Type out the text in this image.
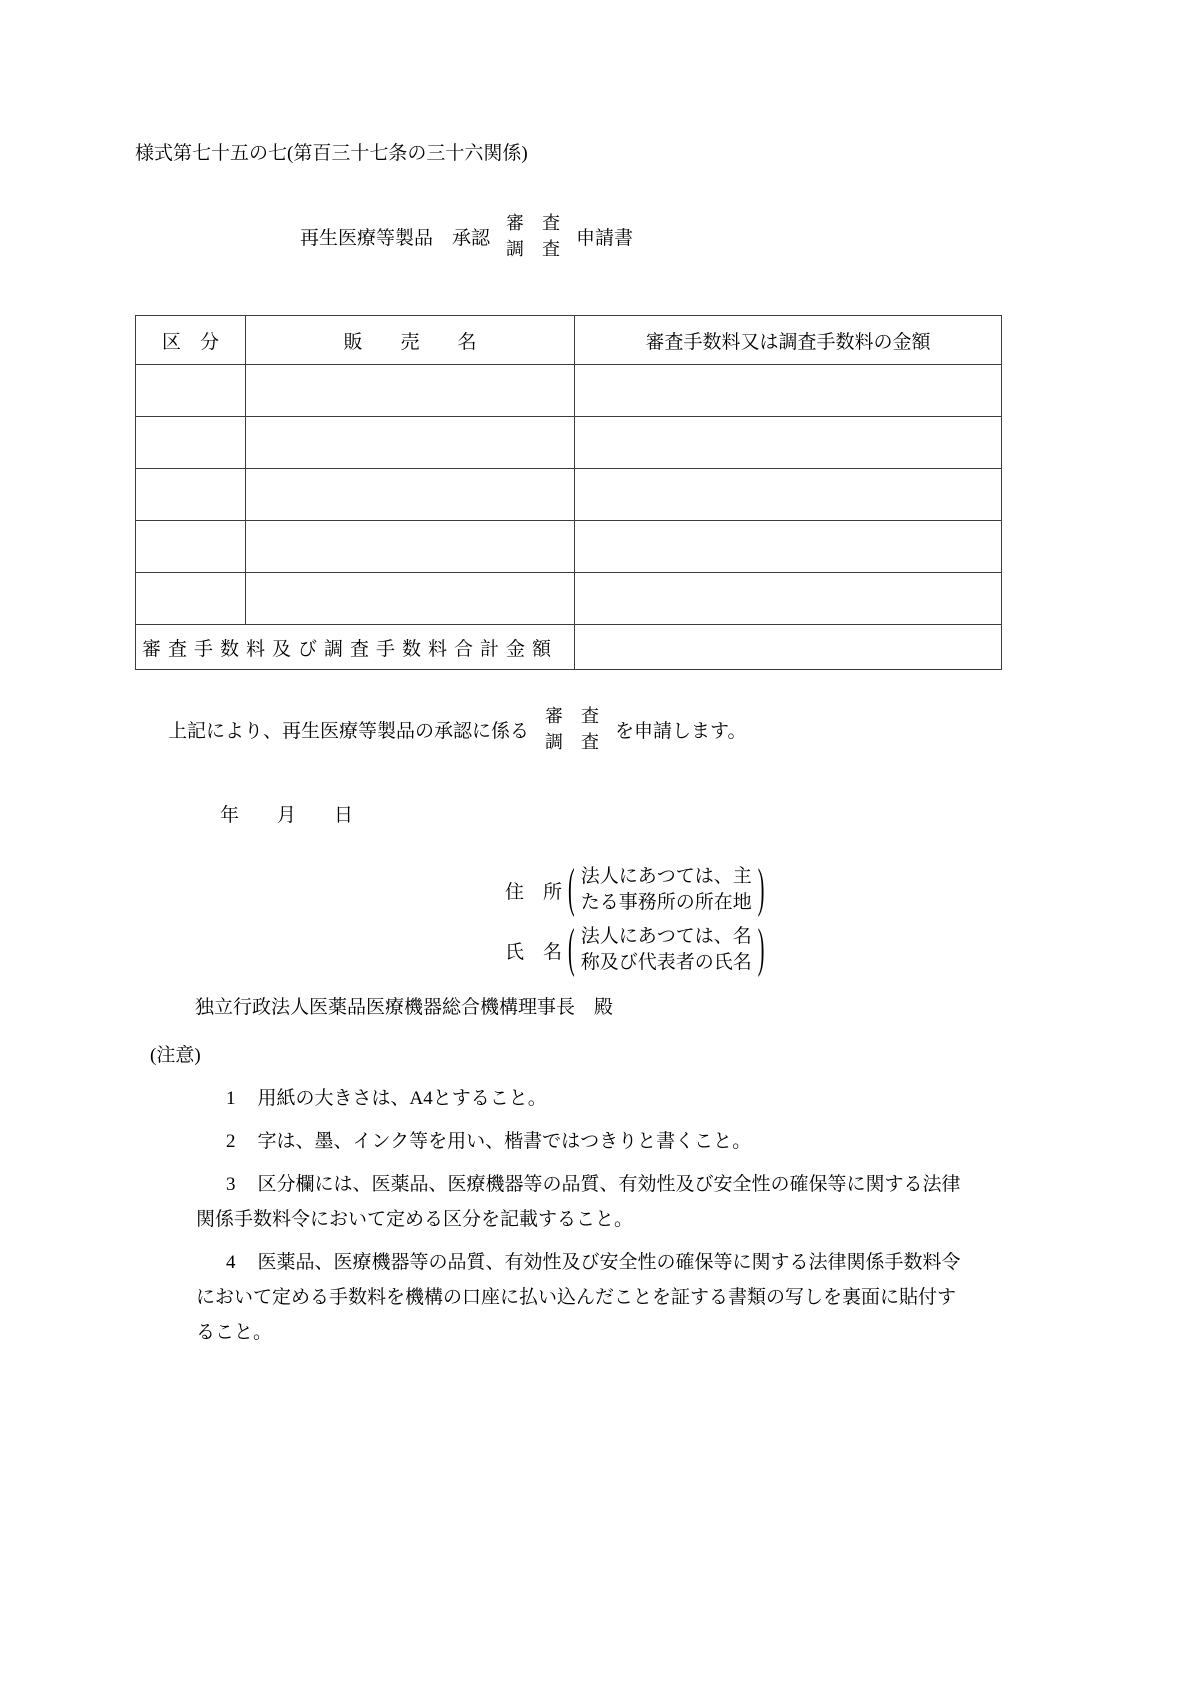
様式第七十五の七(第百三十七条の三十六関係)
再生医療等製品　承認
審　査
調　査
申請書
区　分	販　　売　　名	審査手数料又は調査手数料の金額

審査手数料及び調査手数料合計金額		
上記により、再生医療等製品の承認に係る
審　査
調　査
を申請します。
年　　月　　日
住　所 ( 法人にあつては、主
たる事務所の所在地 )
氏　名 ( 法人にあつては、名
称及び代表者の氏名 )
独立行政法人医薬品医療機器総合機構理事長　殿
(注意)
1 用紙の大きさは、A4とすること。
2 字は、墨、インク等を用い、楷書ではつきりと書くこと。
3 区分欄には、医薬品、医療機器等の品質、有効性及び安全性の確保等に関する法律関係手数料令において定める区分を記載すること。
4 医薬品、医療機器等の品質、有効性及び安全性の確保等に関する法律関係手数料令において定める手数料を機構の口座に払い込んだことを証する書類の写しを裏面に貼付すること。
